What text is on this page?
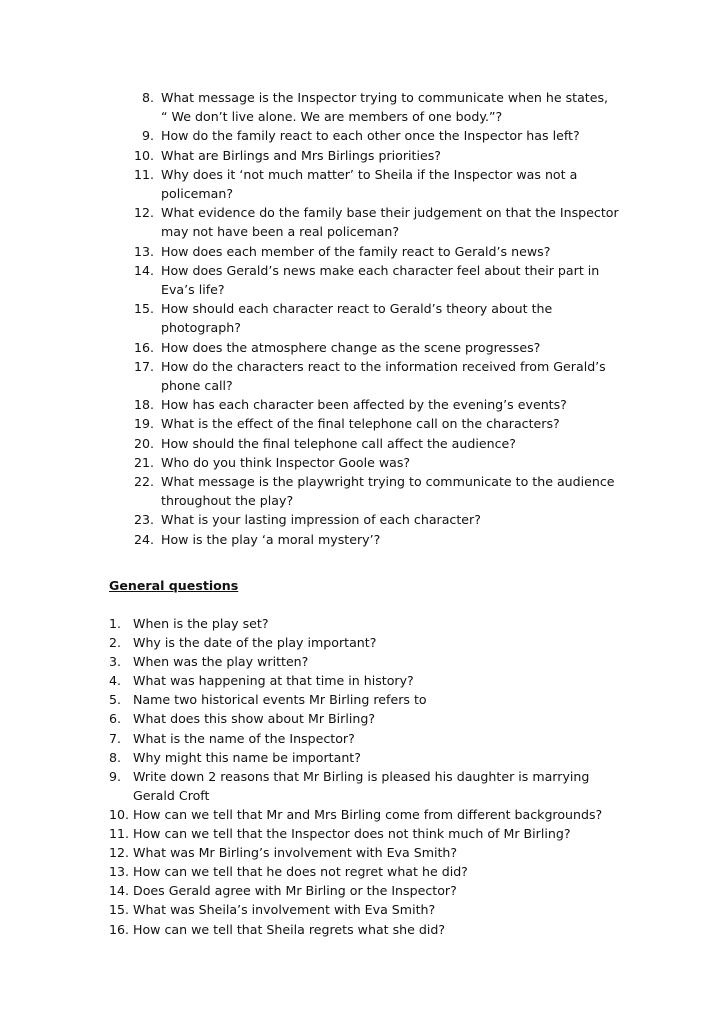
8. What message is the Inspector trying to communicate when he states,
“ We don’t live alone. We are members of one body.”?
9. How do the family react to each other once the Inspector has left?
10. What are Birlings and Mrs Birlings priorities?
11. Why does it ‘not much matter’ to Sheila if the Inspector was not a
policeman?
12. What evidence do the family base their judgement on that the Inspector
may not have been a real policeman?
13. How does each member of the family react to Gerald’s news?
14. How does Gerald’s news make each character feel about their part in
Eva’s life?
15. How should each character react to Gerald’s theory about the
photograph?
16. How does the atmosphere change as the scene progresses?
17. How do the characters react to the information received from Gerald’s
phone call?
18. How has each character been affected by the evening’s events?
19. What is the effect of the final telephone call on the characters?
20. How should the final telephone call affect the audience?
21. Who do you think Inspector Goole was?
22. What message is the playwright trying to communicate to the audience
throughout the play?
23. What is your lasting impression of each character?
24. How is the play ‘a moral mystery’?
General questions
1. When is the play set?
2. Why is the date of the play important?
3. When was the play written?
4. What was happening at that time in history?
5. Name two historical events Mr Birling refers to
6. What does this show about Mr Birling?
7. What is the name of the Inspector?
8. Why might this name be important?
9. Write down 2 reasons that Mr Birling is pleased his daughter is marrying
Gerald Croft
10. How can we tell that Mr and Mrs Birling come from different backgrounds?
11. How can we tell that the Inspector does not think much of Mr Birling?
12. What was Mr Birling’s involvement with Eva Smith?
13. How can we tell that he does not regret what he did?
14. Does Gerald agree with Mr Birling or the Inspector?
15. What was Sheila’s involvement with Eva Smith?
16. How can we tell that Sheila regrets what she did?
